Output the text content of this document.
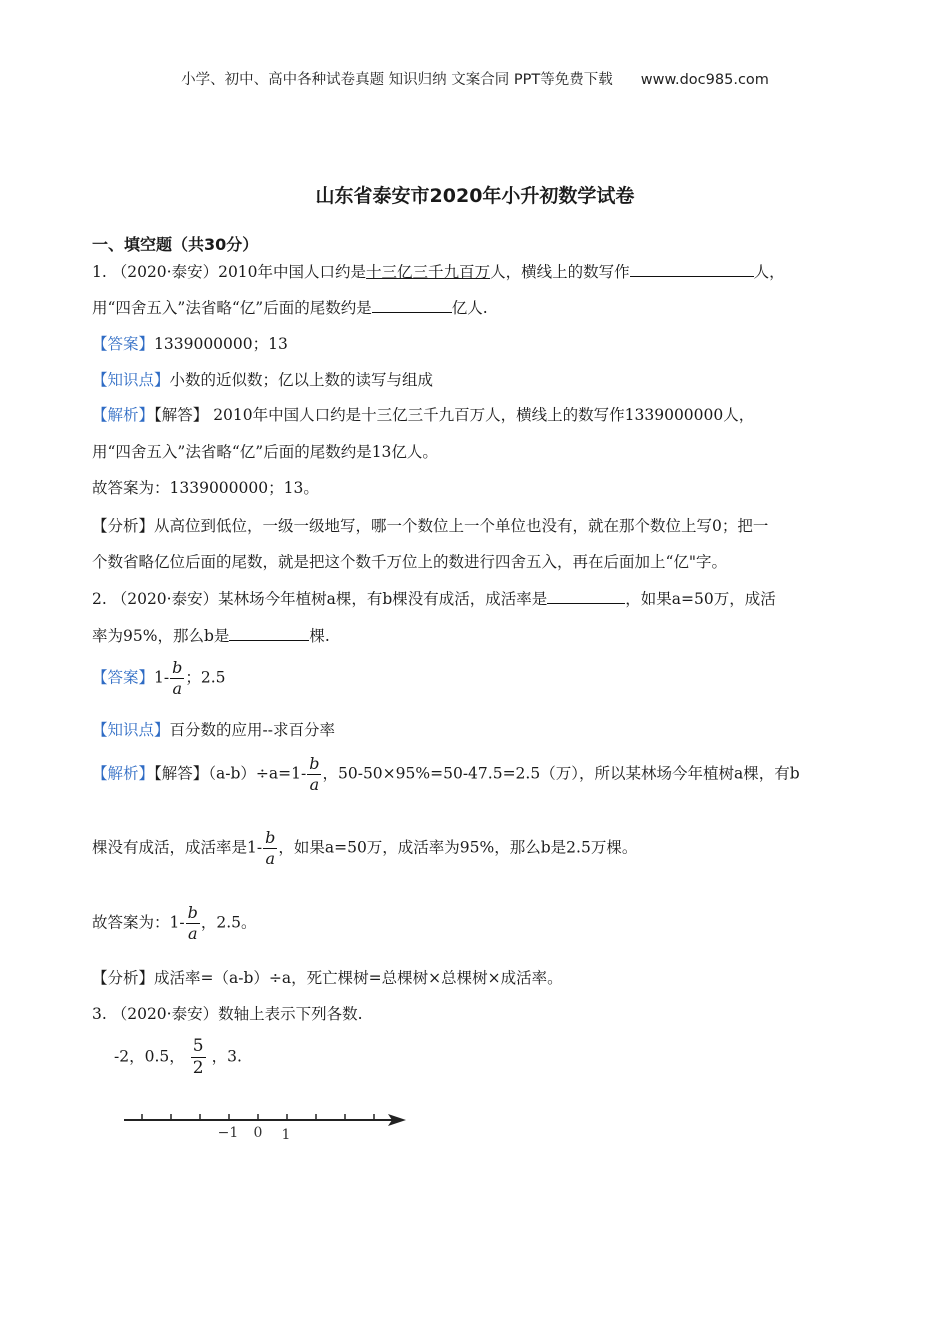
小学、初中、高中各种试卷真题 知识归纳 文案合同 PPT等免费下载 www.doc985.com
山东省泰安市2020年小升初数学试卷
一、填空题（共30分）
1. （2020·泰安）2010年中国人口约是十三亿三千九百万人，横线上的数写作	人，
用“四舍五入”法省略“亿”后面的尾数约是	亿人.
【答案】1339000000；13
【知识点】小数的近似数；亿以上数的读写与组成
【解析】【解答】 2010年中国人口约是十三亿三千九百万人，横线上的数写作1339000000人，
用“四舍五入”法省略“亿”后面的尾数约是13亿人。
故答案为：1339000000；13。
【分析】从高位到低位，一级一级地写，哪一个数位上一个单位也没有，就在那个数位上写0；把一
个数省略亿位后面的尾数，就是把这个数千万位上的数进行四舍五入，再在后面加上“亿"字。
2. （2020·泰安）某林场今年植树a棵，有b棵没有成活，成活率是	，如果a=50万，成活
率为95%，那么b是	棵.
【答案】$1- \frac{b}{a}$ ；2.5
【知识点】百分数的应用--求百分率
【解析】【解答】$(a-b)\div a=1- \frac{b}{a}$ ，50-50×95%=50-47.5=2.5（万），所以某林场今年植树a棵，有b
棵没有成活，成活率是$1- \frac{b}{a}$ ，如果a=50万，成活率为95%，那么b是2.5万棵。
故答案为：$1- \frac{b}{a}$ ，2.5。
【分析】成活率=（a-b）÷a，死亡棵树=总棵树×总棵树×成活率。
3. （2020·泰安）数轴上表示下列各数.
-2，0.5， $\frac{5}{2}$ ，3.
−1 0 1
